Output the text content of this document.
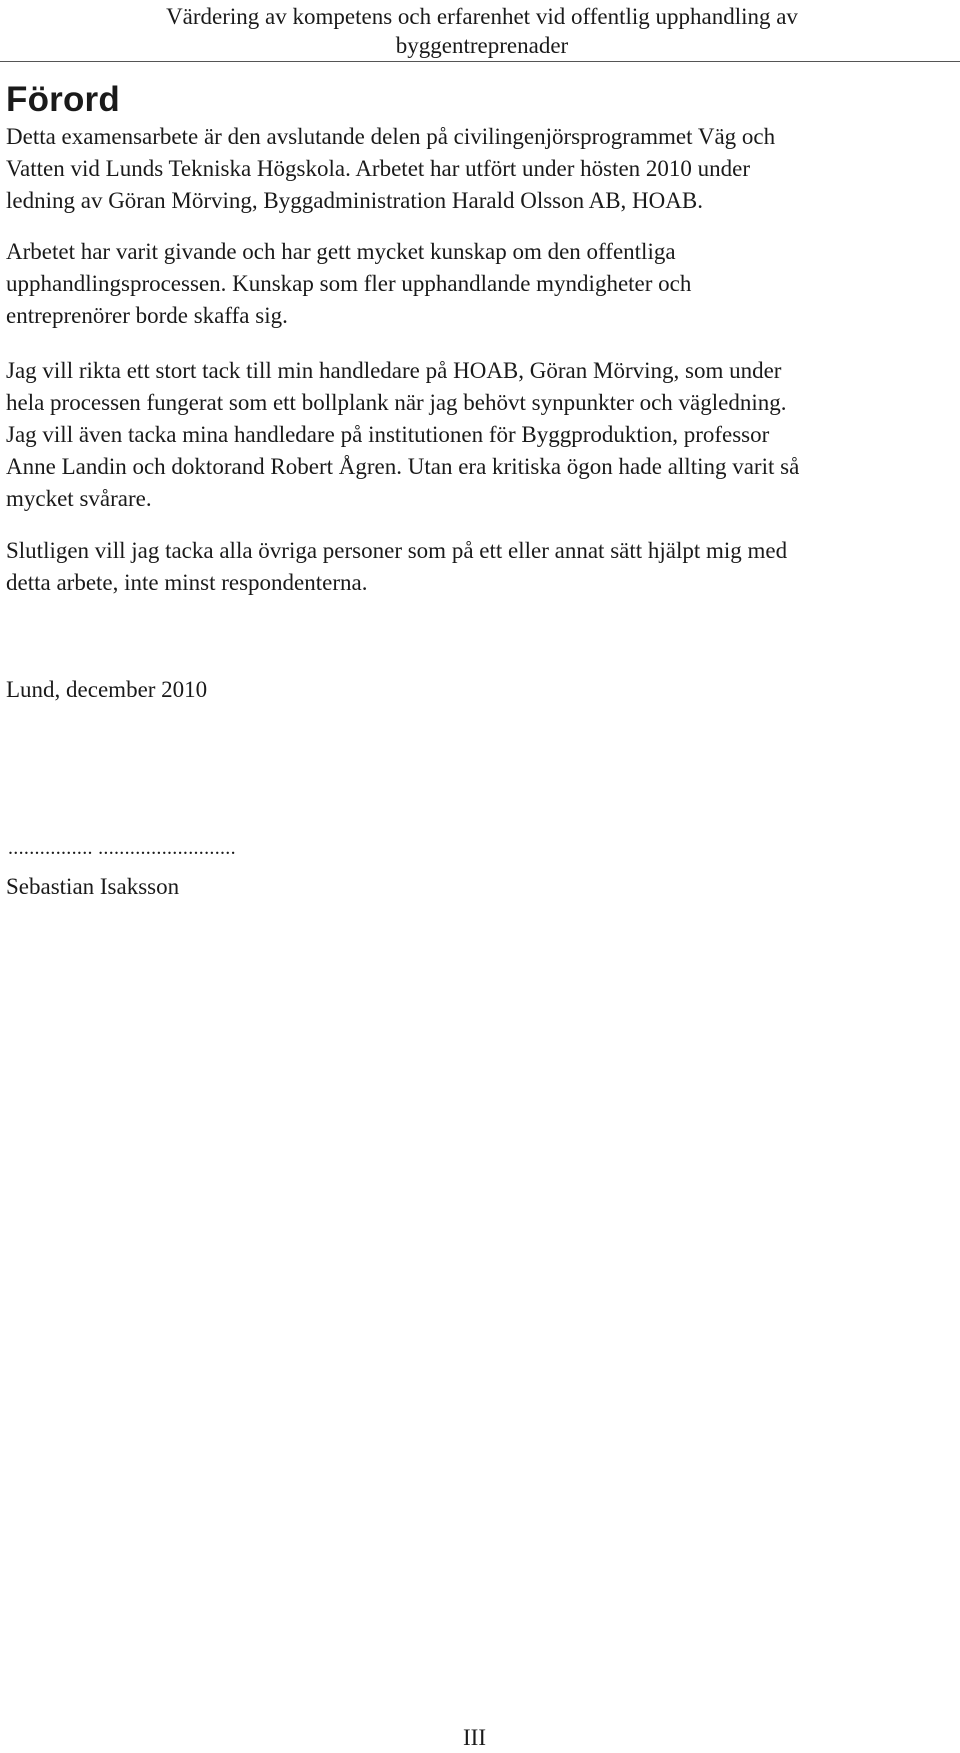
Värdering av kompetens och erfarenhet vid offentlig upphandling av
byggentreprenader
Förord

Detta examensarbete är den avslutande delen på civilingenjörsprogrammet Väg och
Vatten vid Lunds Tekniska Högskola. Arbetet har utfört under hösten 2010 under
ledning av Göran Mörving, Byggadministration Harald Olsson AB, HOAB.

Arbetet har varit givande och har gett mycket kunskap om den offentliga
upphandlingsprocessen. Kunskap som fler upphandlande myndigheter och
entreprenörer borde skaffa sig.

Jag vill rikta ett stort tack till min handledare på HOAB, Göran Mörving, som under
hela processen fungerat som ett bollplank när jag behövt synpunkter och vägledning.
Jag vill även tacka mina handledare på institutionen för Byggproduktion, professor
Anne Landin och doktorand Robert Ågren. Utan era kritiska ögon hade allting varit så
mycket svårare.

Slutligen vill jag tacka alla övriga personer som på ett eller annat sätt hjälpt mig med
detta arbete, inte minst respondenterna.

Lund, december 2010
................ ..........................
Sebastian Isaksson
III
